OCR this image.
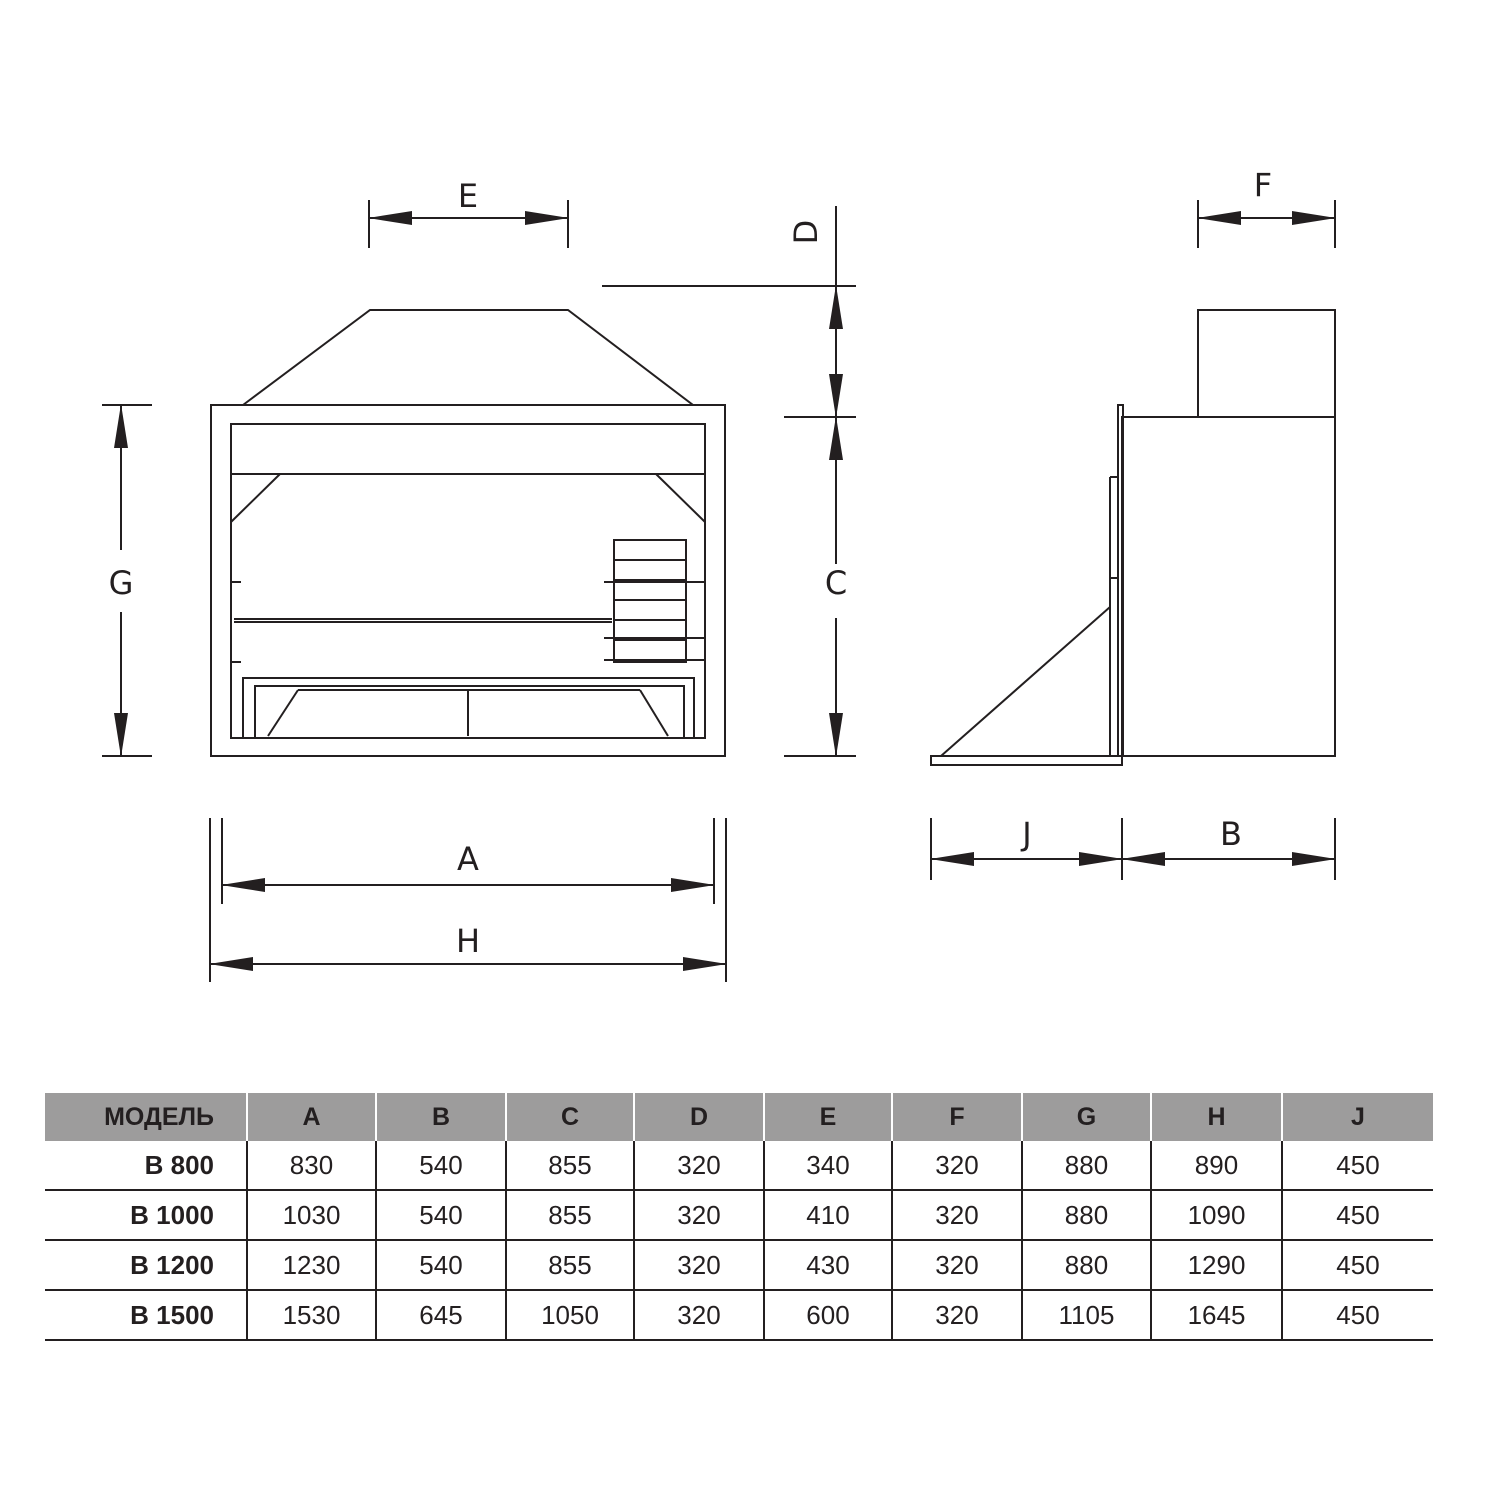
E
D
C
G
A
H
F
J	B
МОДЕЛЬ	A	B	C	D	E	F	G	H	J
B 800	830	540	855	320	340	320	880	890	450
B 1000	1030	540	855	320	410	320	880	1090	450
B 1200	1230	540	855	320	430	320	880	1290	450
B 1500	1530	645	1050	320	600	320	1105	1645	450
